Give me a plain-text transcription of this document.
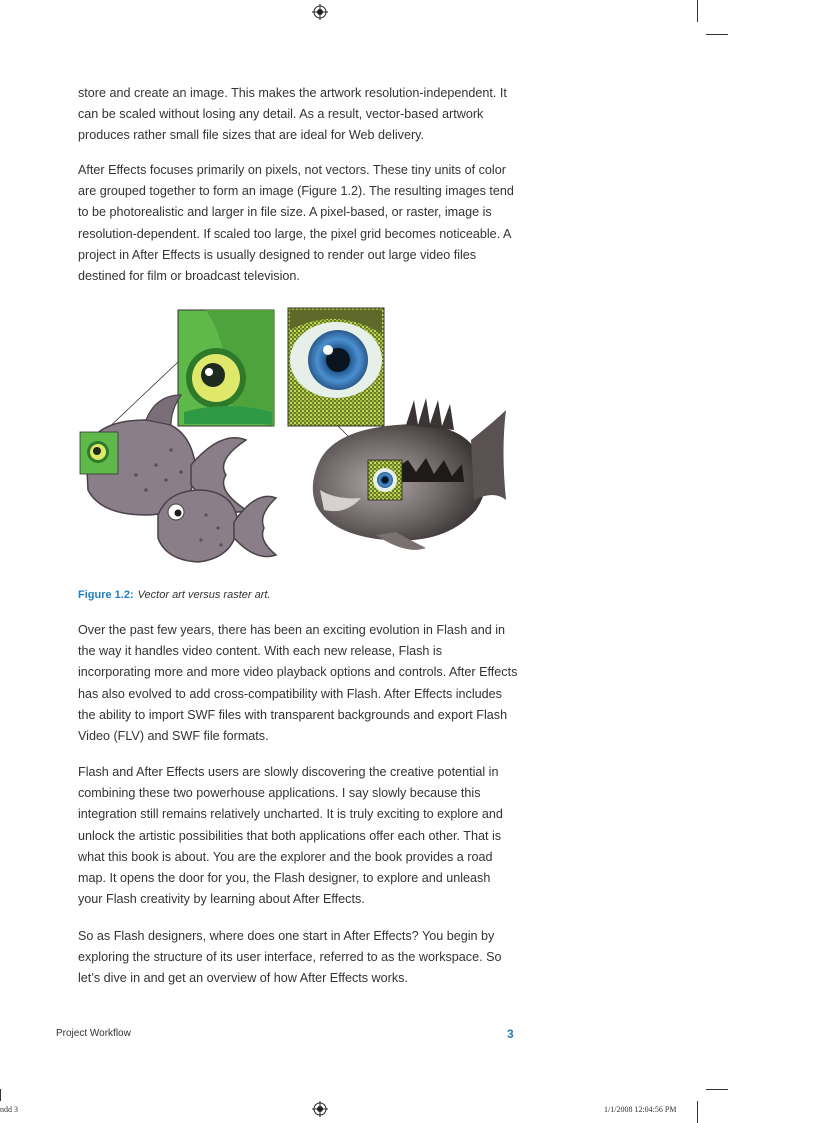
store and create an image. This makes the artwork resolution-independent. It can be scaled without losing any detail. As a result, vector-based artwork produces rather small file sizes that are ideal for Web delivery.

After Effects focuses primarily on pixels, not vectors. These tiny units of color are grouped together to form an image (Figure 1.2). The resulting images tend to be photorealistic and larger in file size. A pixel-based, or raster, image is resolution-dependent. If scaled too large, the pixel grid becomes noticeable. A project in After Effects is usually designed to render out large video files destined for film or broadcast television.

Figure 1.2: Vector art versus raster art.

Over the past few years, there has been an exciting evolution in Flash and in the way it handles video content. With each new release, Flash is incorporating more and more video playback options and controls. After Effects has also evolved to add cross-compatibility with Flash. After Effects includes the ability to import SWF files with transparent backgrounds and export Flash Video (FLV) and SWF file formats.

Flash and After Effects users are slowly discovering the creative potential in combining these two powerhouse applications. I say slowly because this integration still remains relatively uncharted. It is truly exciting to explore and unlock the artistic possibilities that both applications offer each other. That is what this book is about. You are the explorer and the book provides a road map. It opens the door for you, the Flash designer, to explore and unleash your Flash creativity by learning about After Effects.

So as Flash designers, where does one start in After Effects? You begin by exploring the structure of its user interface, referred to as the workspace. So let’s dive in and get an overview of how After Effects works.

Project Workflow	3
ndd 3	1/1/2008 12:04:56 PM
